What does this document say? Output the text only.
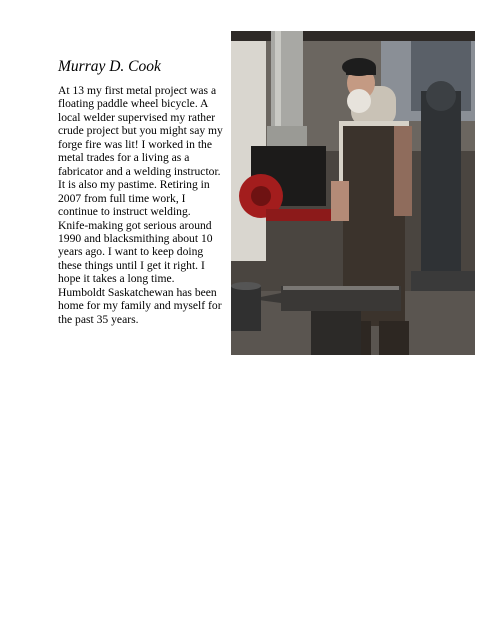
Murray D. Cook

At 13 my first metal project was a floating paddle wheel bicycle. A local welder supervised my rather crude project but you might say my forge fire was lit! I worked in the metal trades for a living as a fabricator and a welding instructor. It is also my pastime. Retiring in 2007 from full time work, I continue to instruct welding. Knife-making got serious around 1990 and blacksmithing about 10 years ago. I want to keep doing these things until I get it right. I hope it takes a long time. Humboldt Saskatchewan has been home for my family and myself for the past 35 years.
